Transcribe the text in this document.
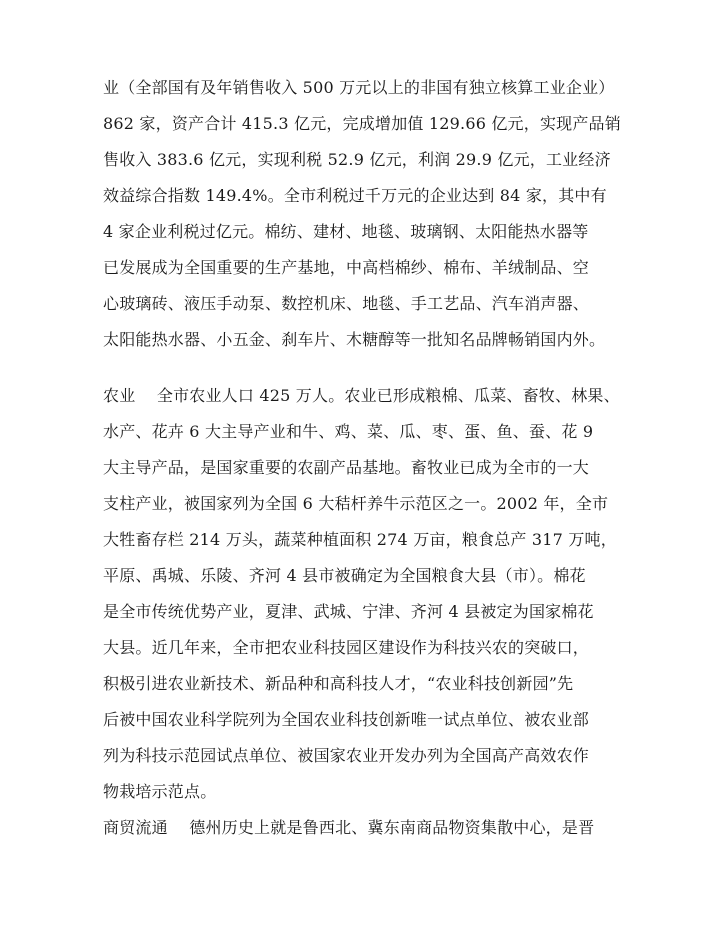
业（全部国有及年销售收入 500 万元以上的非国有独立核算工业企业）
862 家，资产合计 415.3 亿元，完成增加值 129.66 亿元，实现产品销
售收入 383.6 亿元，实现利税 52.9 亿元，利润 29.9 亿元，工业经济
效益综合指数 149.4%。全市利税过千万元的企业达到 84 家，其中有
4 家企业利税过亿元。棉纺、建材、地毯、玻璃钢、太阳能热水器等
已发展成为全国重要的生产基地，中高档棉纱、棉布、羊绒制品、空
心玻璃砖、液压手动泵、数控机床、地毯、手工艺品、汽车消声器、
太阳能热水器、小五金、刹车片、木糖醇等一批知名品牌畅销国内外。
农业　 全市农业人口 425 万人。农业已形成粮棉、瓜菜、畜牧、林果、
水产、花卉 6 大主导产业和牛、鸡、菜、瓜、枣、蛋、鱼、蚕、花 9
大主导产品，是国家重要的农副产品基地。畜牧业已成为全市的一大
支柱产业，被国家列为全国 6 大秸杆养牛示范区之一。2002 年，全市
大牲畜存栏 214 万头，蔬菜种植面积 274 万亩，粮食总产 317 万吨，
平原、禹城、乐陵、齐河 4 县市被确定为全国粮食大县（市）。棉花
是全市传统优势产业，夏津、武城、宁津、齐河 4 县被定为国家棉花
大县。近几年来，全市把农业科技园区建设作为科技兴农的突破口，
积极引进农业新技术、新品种和高科技人才，“农业科技创新园”先
后被中国农业科学院列为全国农业科技创新唯一试点单位、被农业部
列为科技示范园试点单位、被国家农业开发办列为全国高产高效农作
物栽培示范点。
商贸流通　 德州历史上就是鲁西北、冀东南商品物资集散中心，是晋
